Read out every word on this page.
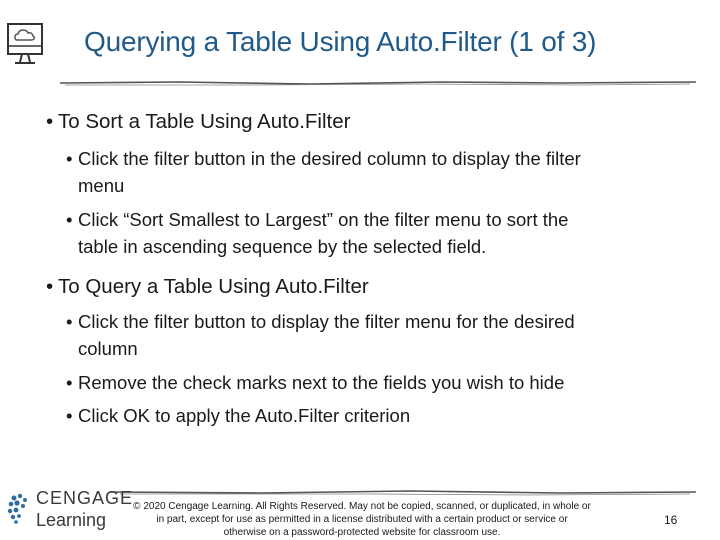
Querying a Table Using Auto.Filter (1 of 3)
• To Sort a Table Using Auto.Filter
• Click the filter button in the desired column to display the filter
menu
• Click “Sort Smallest to Largest” on the filter menu to sort the
table in ascending sequence by the selected field.
• To Query a Table Using Auto.Filter
• Click the filter button to display the filter menu for the desired
column
• Remove the check marks next to the fields you wish to hide
• Click OK to apply the Auto.Filter criterion
CENGAGE
Learning
© 2020 Cengage Learning. All Rights Reserved. May not be copied, scanned, or duplicated, in whole or
in part, except for use as permitted in a license distributed with a certain product or service or
otherwise on a password-protected website for classroom use.
16
